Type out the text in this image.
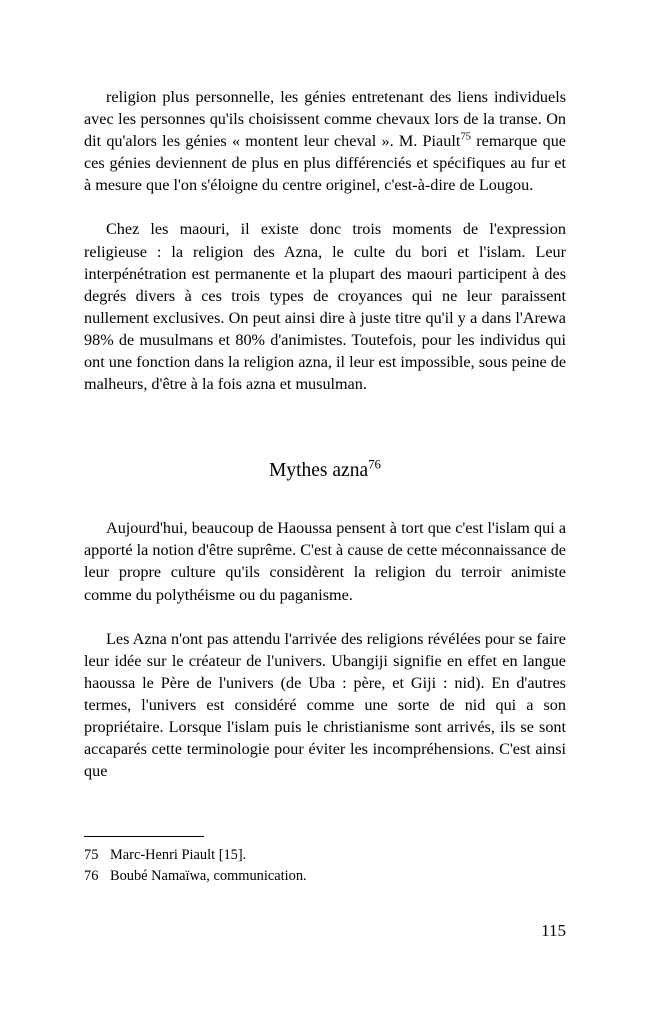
religion plus personnelle, les génies entretenant des liens individuels avec les personnes qu'ils choisissent comme chevaux lors de la transe. On dit qu'alors les génies « montent leur cheval ». M. Piault$^{75}$ remarque que ces génies deviennent de plus en plus différenciés et spécifiques au fur et à mesure que l'on s'éloigne du centre originel, c'est-à-dire de Lougou.

Chez les maouri, il existe donc trois moments de l'expression religieuse : la religion des Azna, le culte du bori et l'islam. Leur interpénétration est permanente et la plupart des maouri participent à des degrés divers à ces trois types de croyances qui ne leur paraissent nullement exclusives. On peut ainsi dire à juste titre qu'il y a dans l'Arewa 98% de musulmans et 80% d'animistes. Toutefois, pour les individus qui ont une fonction dans la religion azna, il leur est impossible, sous peine de malheurs, d'être à la fois azna et musulman.

Mythes azna$^{76}$

Aujourd'hui, beaucoup de Haoussa pensent à tort que c'est l'islam qui a apporté la notion d'être suprême. C'est à cause de cette méconnaissance de leur propre culture qu'ils considèrent la religion du terroir animiste comme du polythéisme ou du paganisme.

Les Azna n'ont pas attendu l'arrivée des religions révélées pour se faire leur idée sur le créateur de l'univers. Ubangiji signifie en effet en langue haoussa le Père de l'univers (de Uba : père, et Giji : nid). En d'autres termes, l'univers est considéré comme une sorte de nid qui a son propriétaire. Lorsque l'islam puis le christianisme sont arrivés, ils se sont accaparés cette terminologie pour éviter les incompréhensions. C'est ainsi que

75 Marc-Henri Piault [15].
76 Boubé Namaïwa, communication.
115
